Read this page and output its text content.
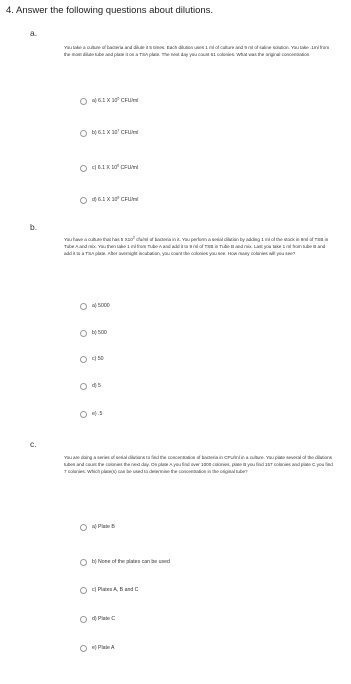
4. Answer the following questions about dilutions.
a.
You take a culture of bacteria and dilute it 5 times. Each dilution uses 1 ml of culture and 9 ml of saline solution. You take .1ml from the most dilute tube and plate it on a TSA plate. The next day you count 61 colonies. What was the original concentration
a) 6.1 X $10^5$ CFU/ml
b) 6.1 X $10^7$ CFU/ml
c) 6.1 X $10^6$ CFU/ml
d) 6.1 X $10^8$ CFU/ml
b.
You have a culture that has 5 $X10^3$ cfu/ml of bacteria in it. You perform a serial dilution by adding 1 ml of the stock in 9ml of TSB in Tube A and mix. You then take 1 ml from Tube A and add it to 9 ml of TSB in Tube B and mix. Last you take 1 ml from tube B and add it to a TSA plate. After overnight incubation, you count the colonies you see. How many colonies will you see?
a) 5000
b) 500
c) 50
d) 5
e) .5
c.
You are doing a series of serial dilutions to find the concentration of bacteria in CFU/ml in a culture. You plate several of the dilutions tubes and count the colonies the next day. On plate A you find over 1000 colonies, plate B you find 157 colonies and plate C you find 7 colonies. Which plate(s) can be used to determine the concentration in the original tube?
a) Plate B
b) None of the plates can be used
c) Plates A, B and C
d) Plate C
e) Plate A
